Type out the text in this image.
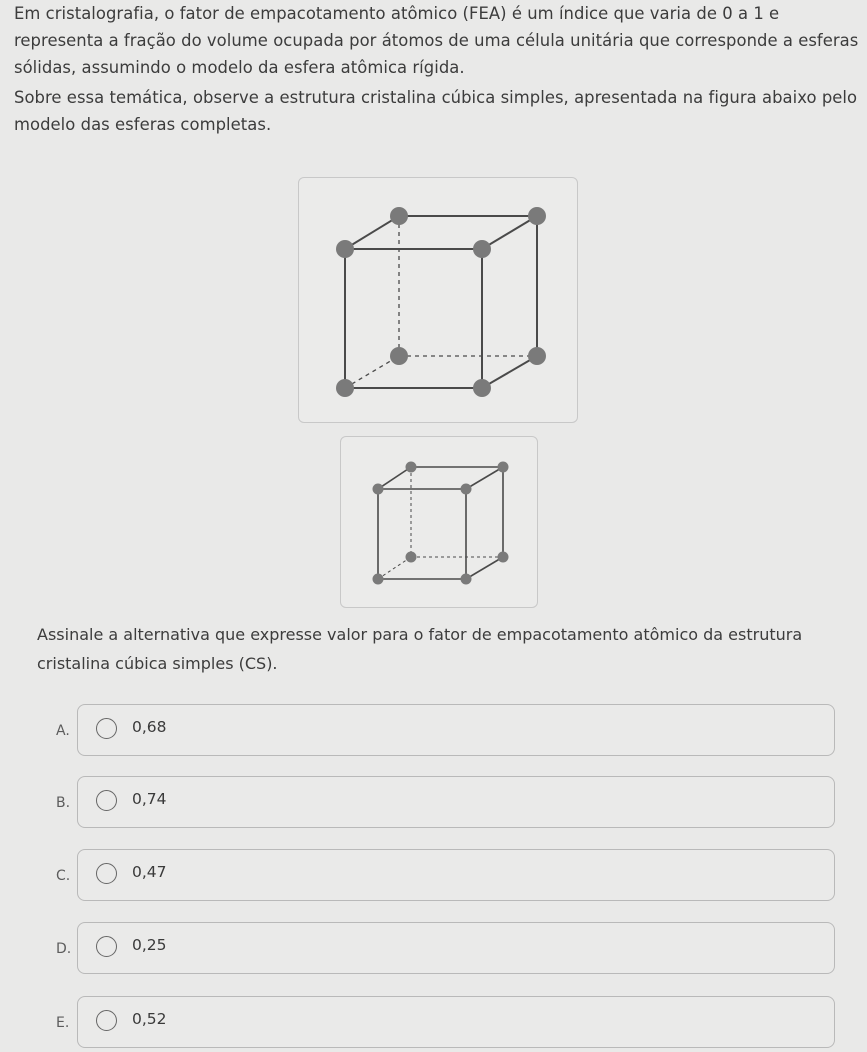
Em cristalografia, o fator de empacotamento atômico (FEA) é um índice que varia de 0 a 1 e representa a fração do volume ocupada por átomos de uma célula unitária que corresponde a esferas sólidas, assumindo o modelo da esfera atômica rígida.

Sobre essa temática, observe a estrutura cristalina cúbica simples, apresentada na figura abaixo pelo modelo das esferas completas.

Assinale a alternativa que expresse valor para o fator de empacotamento atômico da estrutura cristalina cúbica simples (CS).

A.	0,68
B.	0,74
C.	0,47
D.	0,25
E.	0,52
